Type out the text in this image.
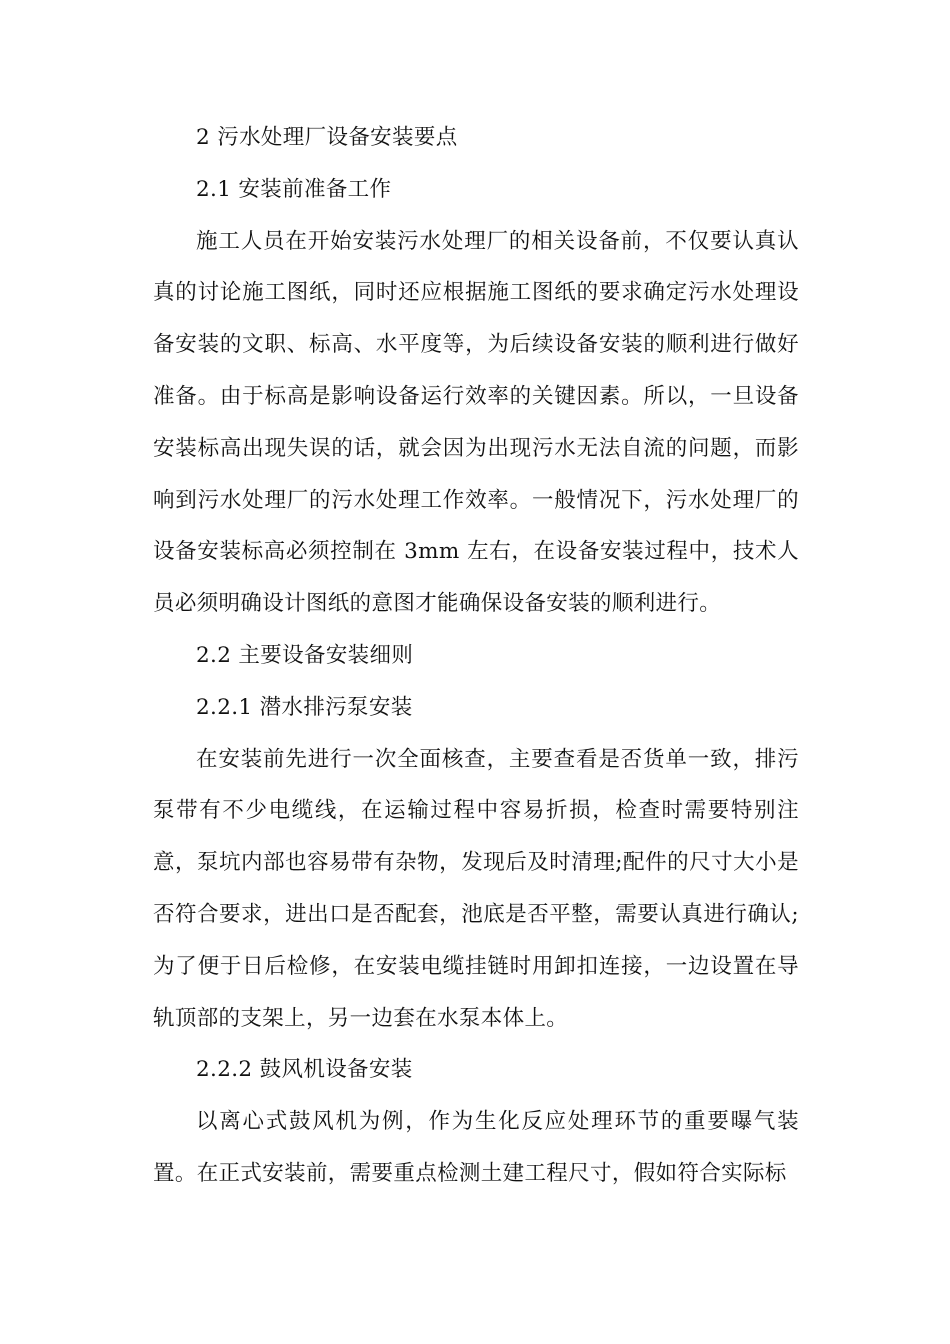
2 污水处理厂设备安装要点
2.1 安装前准备工作

施工人员在开始安装污水处理厂的相关设备前，不仅要认真认真的讨论施工图纸，同时还应根据施工图纸的要求确定污水处理设备安装的文职、标高、水平度等，为后续设备安装的顺利进行做好准备。由于标高是影响设备运行效率的关键因素。所以，一旦设备安装标高出现失误的话，就会因为出现污水无法自流的问题，而影响到污水处理厂的污水处理工作效率。一般情况下，污水处理厂的设备安装标高必须控制在 3mm 左右，在设备安装过程中，技术人员必须明确设计图纸的意图才能确保设备安装的顺利进行。

2.2 主要设备安装细则
2.2.1 潜水排污泵安装

在安装前先进行一次全面核查，主要查看是否货单一致，排污泵带有不少电缆线，在运输过程中容易折损，检查时需要特别注意，泵坑内部也容易带有杂物，发现后及时清理;配件的尺寸大小是否符合要求，进出口是否配套，池底是否平整，需要认真进行确认;为了便于日后检修，在安装电缆挂链时用卸扣连接，一边设置在导轨顶部的支架上，另一边套在水泵本体上。

2.2.2 鼓风机设备安装

以离心式鼓风机为例，作为生化反应处理环节的重要曝气装置。在正式安装前，需要重点检测土建工程尺寸，假如符合实际标
